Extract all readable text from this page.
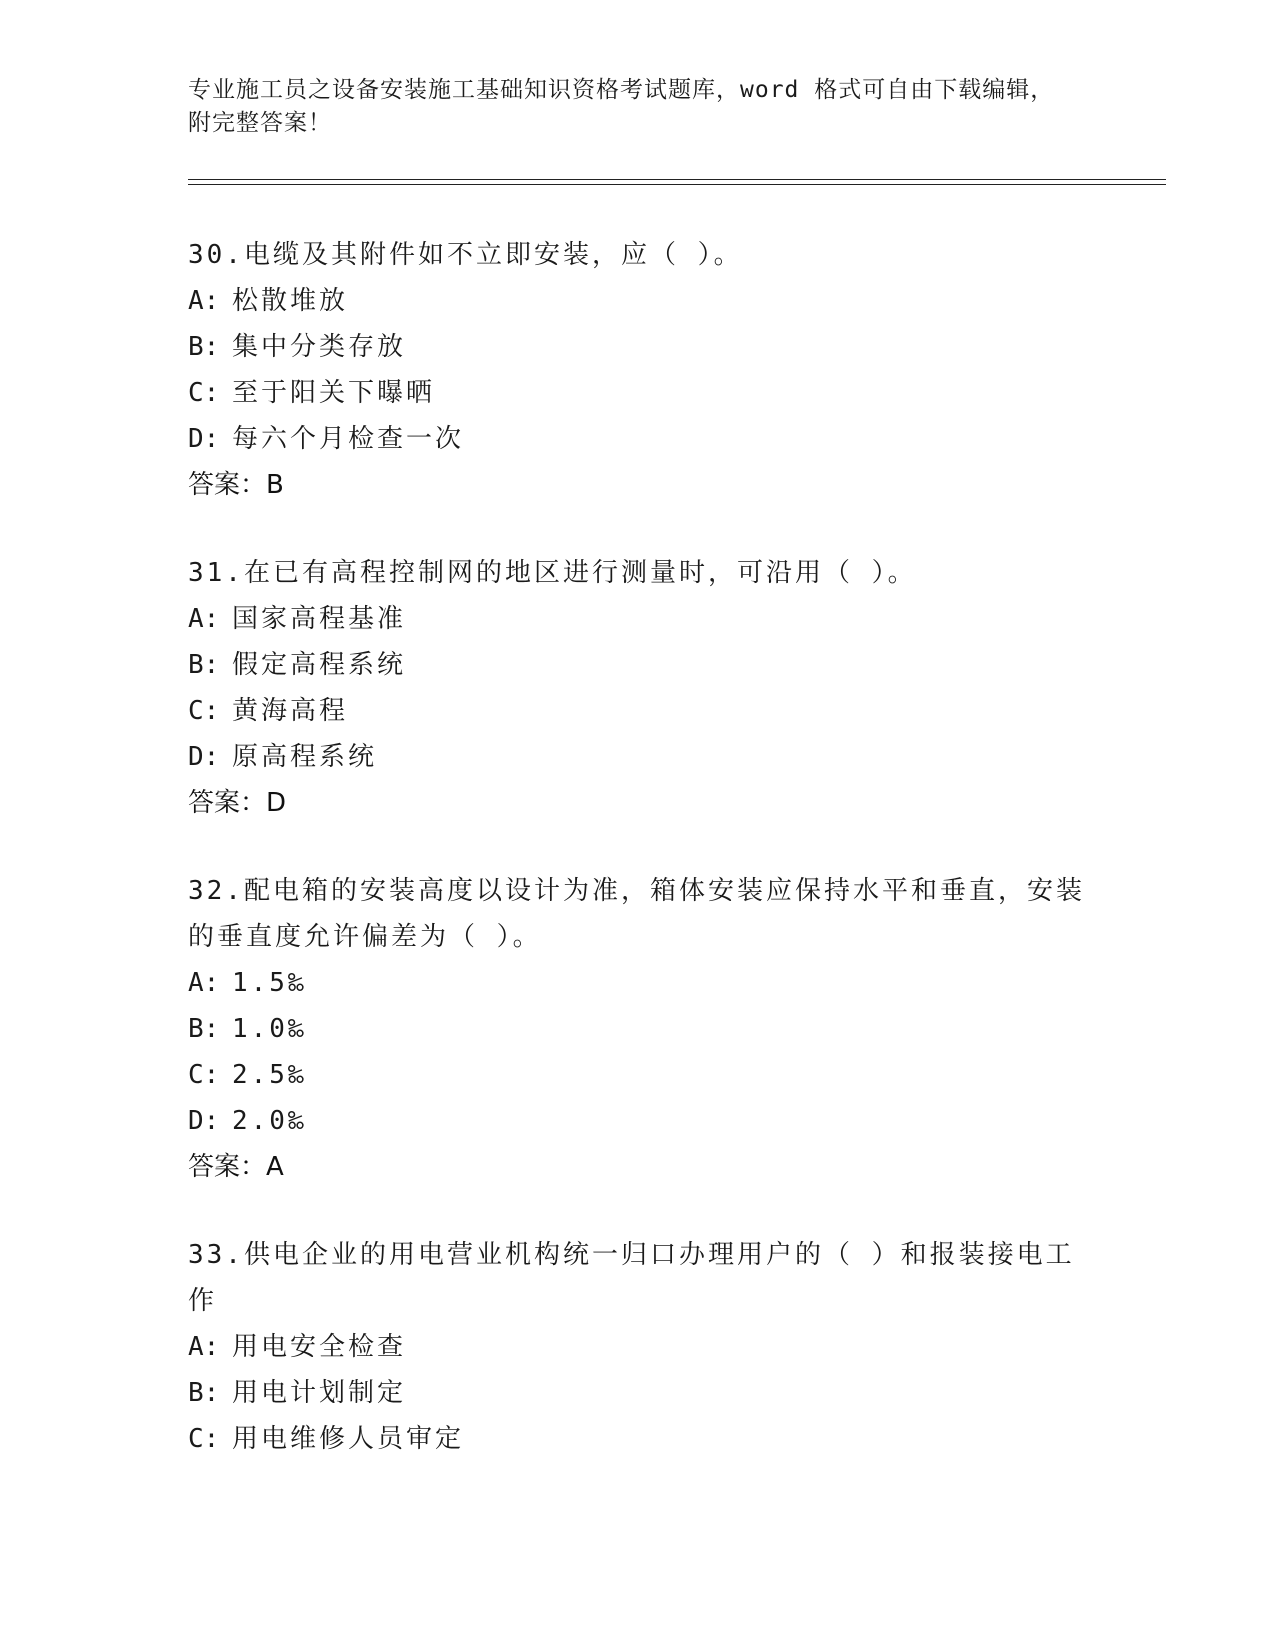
专业施工员之设备安装施工基础知识资格考试题库，word 格式可自由下载编辑，
附完整答案！

30.电缆及其附件如不立即安装，应（ ）。

A: 松散堆放

B: 集中分类存放

C: 至于阳关下曝晒

D: 每六个月检查一次

答案：B

31.在已有高程控制网的地区进行测量时，可沿用（ ）。

A: 国家高程基准

B: 假定高程系统

C: 黄海高程

D: 原高程系统

答案：D

32.配电箱的安装高度以设计为准，箱体安装应保持水平和垂直，安装

的垂直度允许偏差为（ ）。

A: 1.5‰

B: 1.0‰

C: 2.5‰

D: 2.0‰

答案：A

33.供电企业的用电营业机构统一归口办理用户的（ ）和报装接电工

作

A: 用电安全检查

B: 用电计划制定

C: 用电维修人员审定
